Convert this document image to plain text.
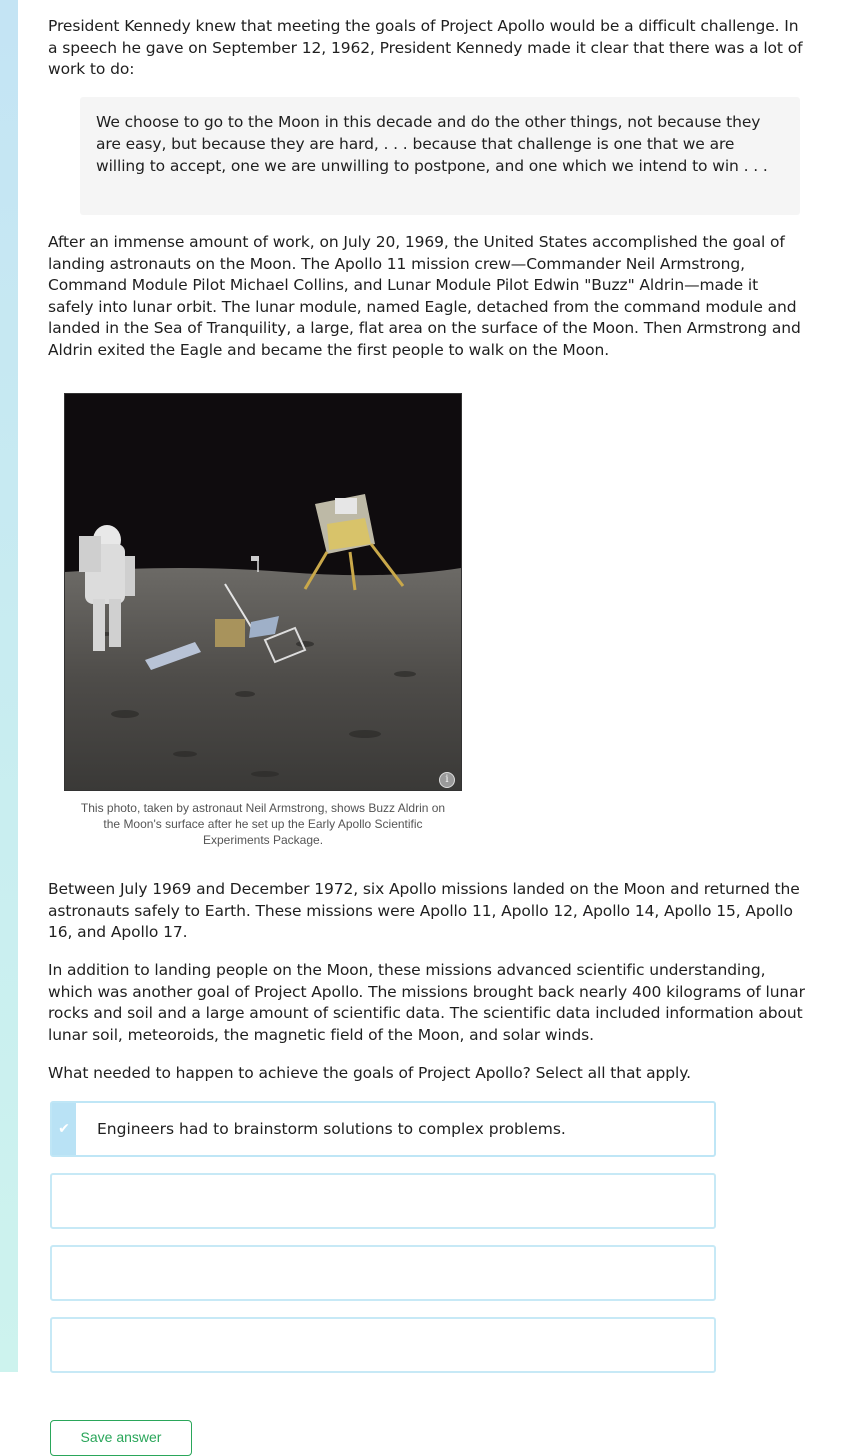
President Kennedy knew that meeting the goals of Project Apollo would be a difficult challenge. In a speech he gave on September 12, 1962, President Kennedy made it clear that there was a lot of work to do:

We choose to go to the Moon in this decade and do the other things, not because they are easy, but because they are hard, . . . because that challenge is one that we are willing to accept, one we are unwilling to postpone, and one which we intend to win . . .

After an immense amount of work, on July 20, 1969, the United States accomplished the goal of landing astronauts on the Moon. The Apollo 11 mission crew—Commander Neil Armstrong, Command Module Pilot Michael Collins, and Lunar Module Pilot Edwin "Buzz" Aldrin—made it safely into lunar orbit. The lunar module, named Eagle, detached from the command module and landed in the Sea of Tranquility, a large, flat area on the surface of the Moon. Then Armstrong and Aldrin exited the Eagle and became the first people to walk on the Moon.

i

This photo, taken by astronaut Neil Armstrong, shows Buzz Aldrin on the Moon's surface after he set up the Early Apollo Scientific Experiments Package.

Between July 1969 and December 1972, six Apollo missions landed on the Moon and returned the astronauts safely to Earth. These missions were Apollo 11, Apollo 12, Apollo 14, Apollo 15, Apollo 16, and Apollo 17.

In addition to landing people on the Moon, these missions advanced scientific understanding, which was another goal of Project Apollo. The missions brought back nearly 400 kilograms of lunar rocks and soil and a large amount of scientific data. The scientific data included information about lunar soil, meteoroids, the magnetic field of the Moon, and solar winds.

What needed to happen to achieve the goals of Project Apollo? Select all that apply.

✔	Engineers had to brainstorm solutions to complex problems.
Save answer
